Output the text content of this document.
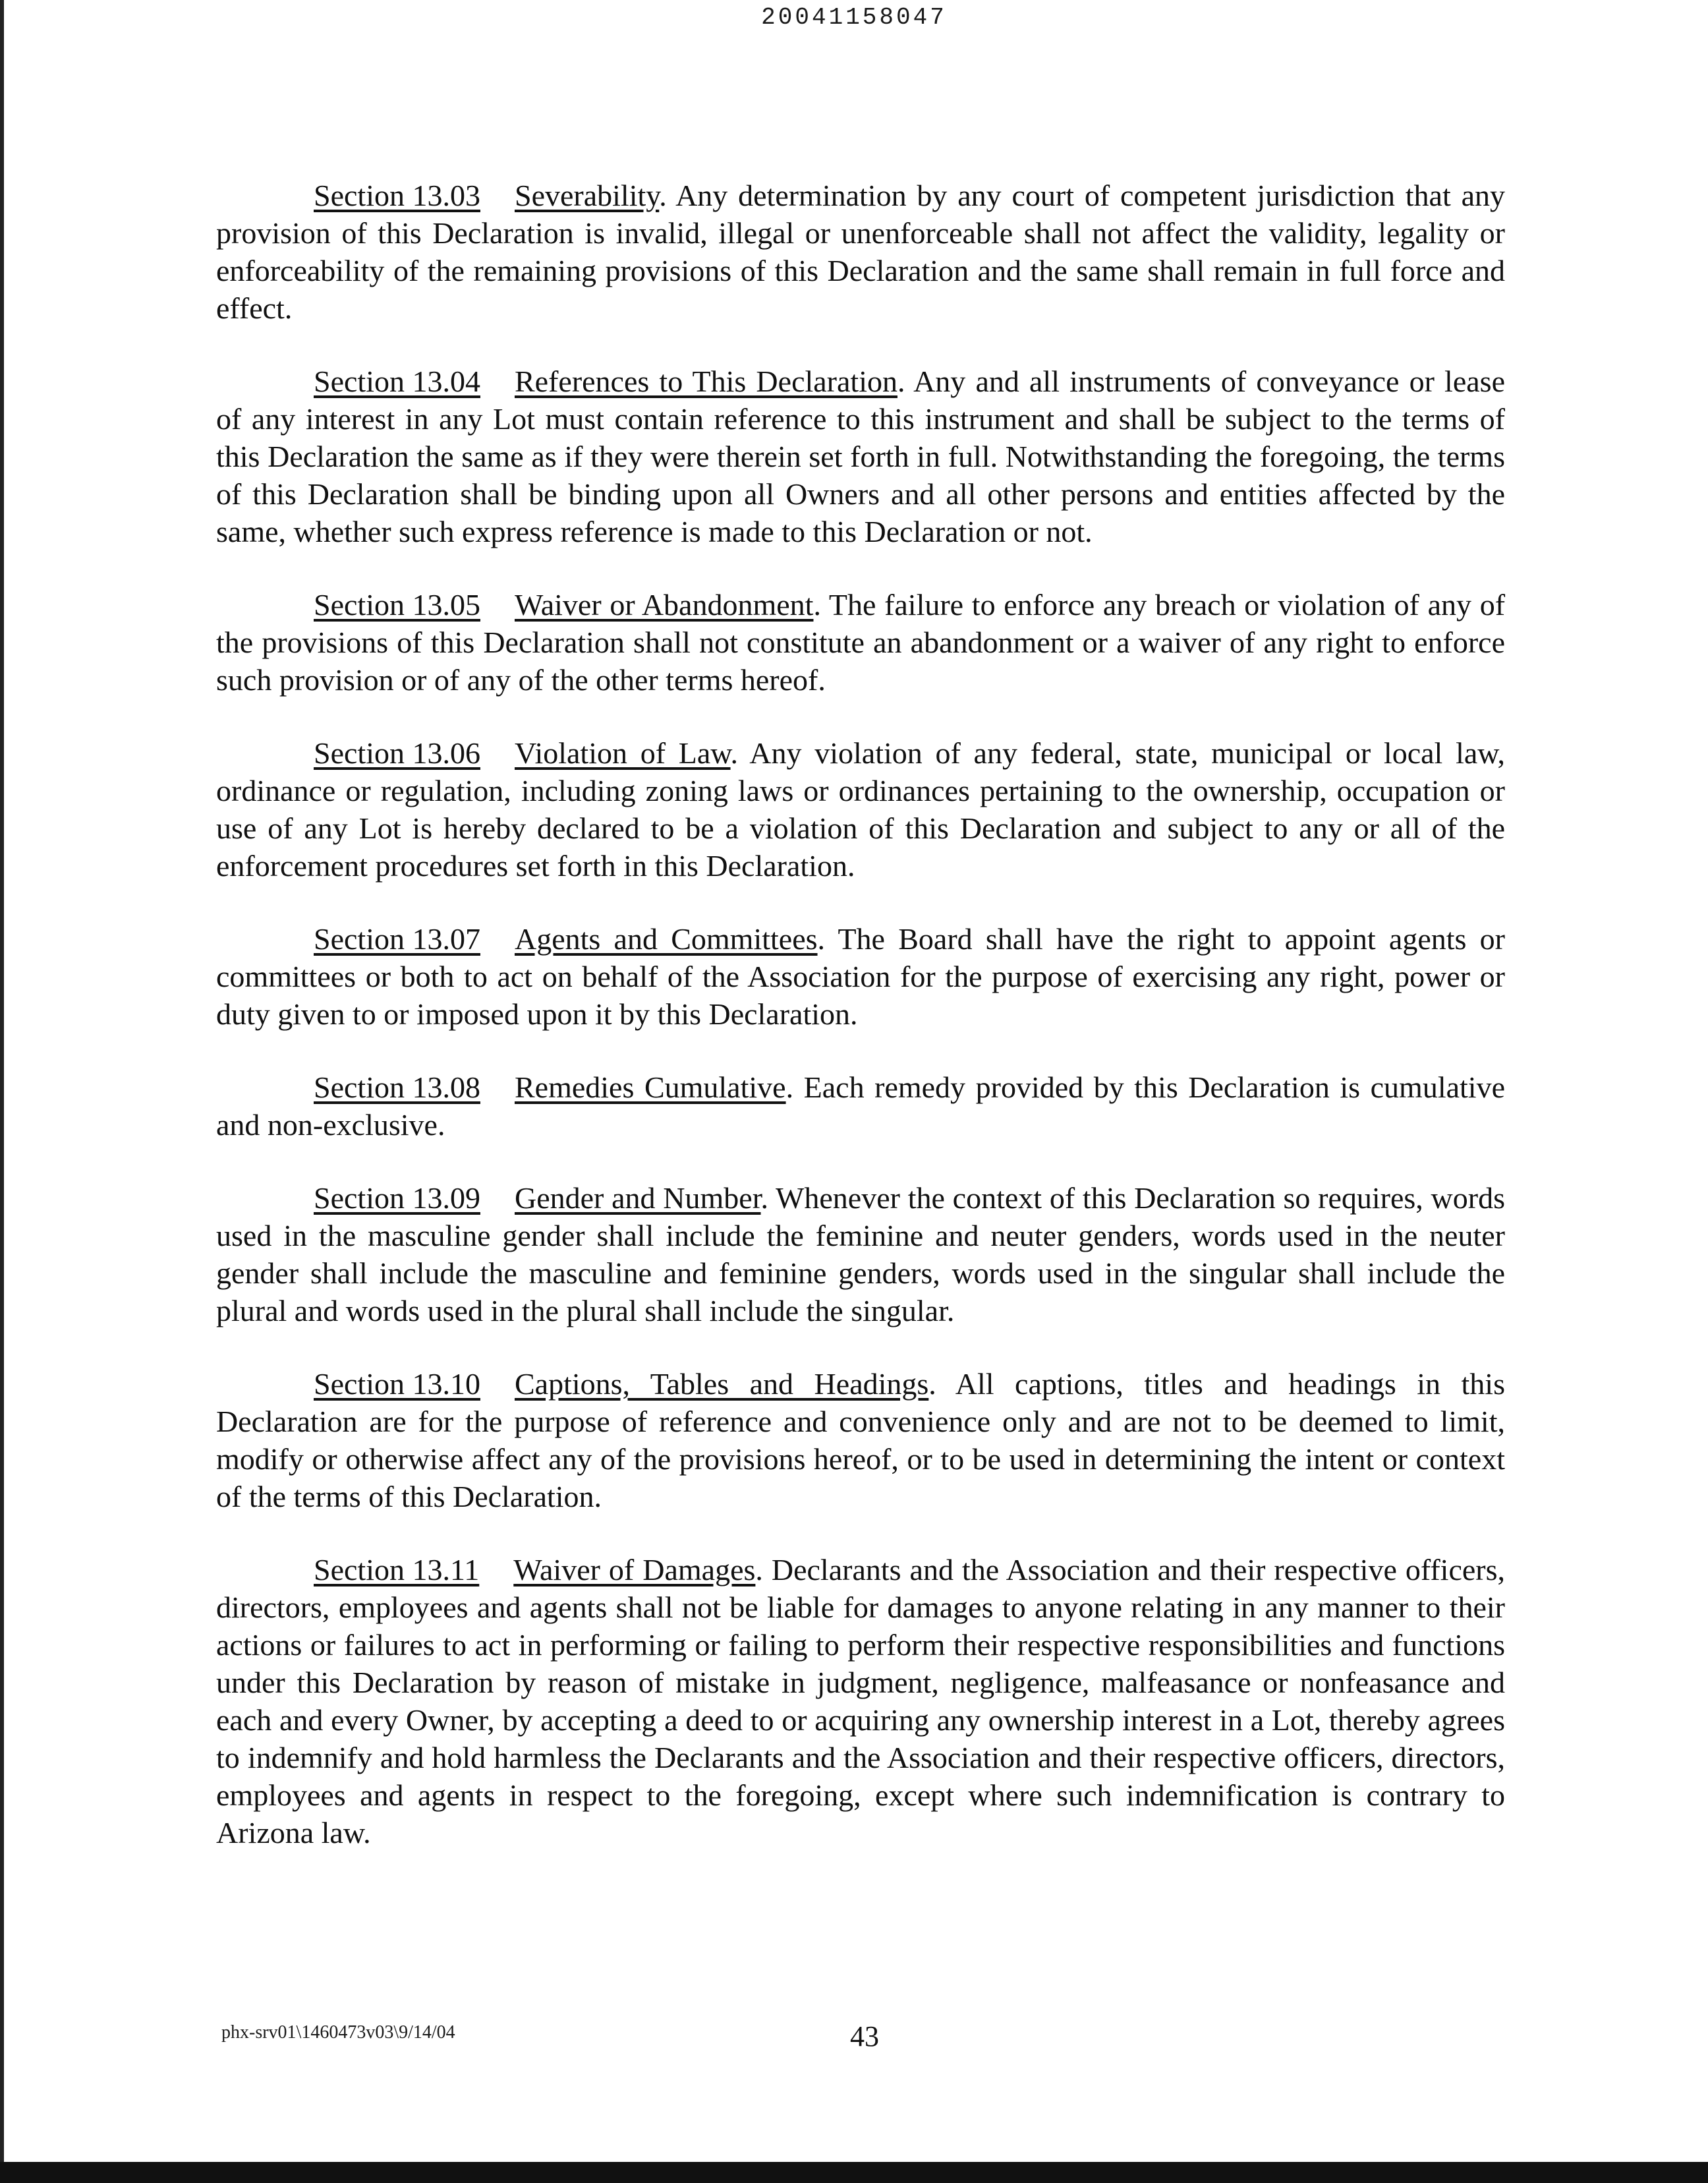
20041158047

Section 13.03 Severability. Any determination by any court of competent jurisdiction that any provision of this Declaration is invalid, illegal or unenforceable shall not affect the validity, legality or enforceability of the remaining provisions of this Declaration and the same shall remain in full force and effect.

Section 13.04 References to This Declaration. Any and all instruments of conveyance or lease of any interest in any Lot must contain reference to this instrument and shall be subject to the terms of this Declaration the same as if they were therein set forth in full. Notwithstanding the foregoing, the terms of this Declaration shall be binding upon all Owners and all other persons and entities affected by the same, whether such express reference is made to this Declaration or not.

Section 13.05 Waiver or Abandonment. The failure to enforce any breach or violation of any of the provisions of this Declaration shall not constitute an abandonment or a waiver of any right to enforce such provision or of any of the other terms hereof.

Section 13.06 Violation of Law. Any violation of any federal, state, municipal or local law, ordinance or regulation, including zoning laws or ordinances pertaining to the ownership, occupation or use of any Lot is hereby declared to be a violation of this Declaration and subject to any or all of the enforcement procedures set forth in this Declaration.

Section 13.07 Agents and Committees. The Board shall have the right to appoint agents or committees or both to act on behalf of the Association for the purpose of exercising any right, power or duty given to or imposed upon it by this Declaration.

Section 13.08 Remedies Cumulative. Each remedy provided by this Declaration is cumulative and non-exclusive.

Section 13.09 Gender and Number. Whenever the context of this Declaration so requires, words used in the masculine gender shall include the feminine and neuter genders, words used in the neuter gender shall include the masculine and feminine genders, words used in the singular shall include the plural and words used in the plural shall include the singular.

Section 13.10 Captions, Tables and Headings. All captions, titles and headings in this Declaration are for the purpose of reference and convenience only and are not to be deemed to limit, modify or otherwise affect any of the provisions hereof, or to be used in determining the intent or context of the terms of this Declaration.

Section 13.11 Waiver of Damages. Declarants and the Association and their respective officers, directors, employees and agents shall not be liable for damages to anyone relating in any manner to their actions or failures to act in performing or failing to perform their respective responsibilities and functions under this Declaration by reason of mistake in judgment, negligence, malfeasance or nonfeasance and each and every Owner, by accepting a deed to or acquiring any ownership interest in a Lot, thereby agrees to indemnify and hold harmless the Declarants and the Association and their respective officers, directors, employees and agents in respect to the foregoing, except where such indemnification is contrary to Arizona law.

phx-srv01\1460473v03\9/14/04	43
